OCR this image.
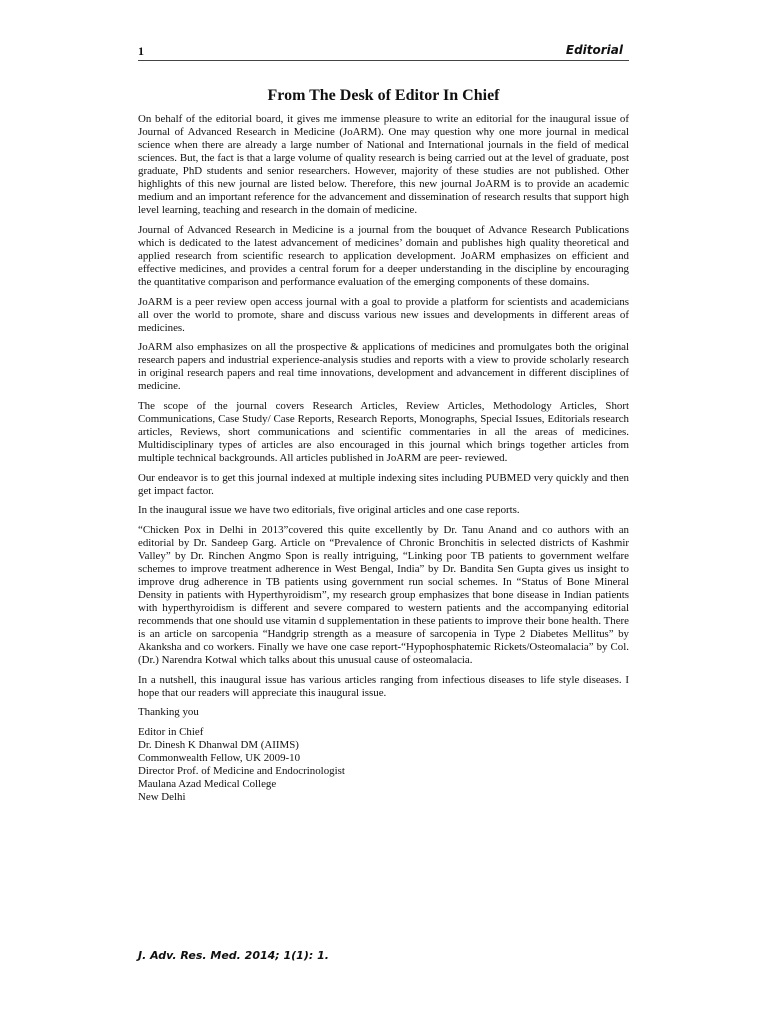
1	Editorial
From The Desk of Editor In Chief

On behalf of the editorial board, it gives me immense pleasure to write an editorial for the inaugural issue of Journal of Advanced Research in Medicine (JoARM). One may question why one more journal in medical science when there are already a large number of National and International journals in the field of medical sciences. But, the fact is that a large volume of quality research is being carried out at the level of graduate, post graduate, PhD students and senior researchers. However, majority of these studies are not published. Other highlights of this new journal are listed below. Therefore, this new journal JoARM is to provide an academic medium and an important reference for the advancement and dissemination of research results that support high level learning, teaching and research in the domain of medicine.

Journal of Advanced Research in Medicine is a journal from the bouquet of Advance Research Publications which is dedicated to the latest advancement of medicines’ domain and publishes high quality theoretical and applied research from scientific research to application development. JoARM emphasizes on efficient and effective medicines, and provides a central forum for a deeper understanding in the discipline by encouraging the quantitative comparison and performance evaluation of the emerging components of these domains.

JoARM is a peer review open access journal with a goal to provide a platform for scientists and academicians all over the world to promote, share and discuss various new issues and developments in different areas of medicines.

JoARM also emphasizes on all the prospective & applications of medicines and promulgates both the original research papers and industrial experience-analysis studies and reports with a view to provide scholarly research in original research papers and real time innovations, development and advancement in different disciplines of medicine.

The scope of the journal covers Research Articles, Review Articles, Methodology Articles, Short Communications, Case Study/ Case Reports, Research Reports, Monographs, Special Issues, Editorials research articles, Reviews, short communications and scientific commentaries in all the areas of medicines. Multidisciplinary types of articles are also encouraged in this journal which brings together articles from multiple technical backgrounds. All articles published in JoARM are peer- reviewed.

Our endeavor is to get this journal indexed at multiple indexing sites including PUBMED very quickly and then get impact factor.

In the inaugural issue we have two editorials, five original articles and one case reports.

“Chicken Pox in Delhi in 2013”covered this quite excellently by Dr. Tanu Anand and co authors with an editorial by Dr. Sandeep Garg. Article on “Prevalence of Chronic Bronchitis in selected districts of Kashmir Valley” by Dr. Rinchen Angmo Spon is really intriguing, “Linking poor TB patients to government welfare schemes to improve treatment adherence in West Bengal, India” by Dr. Bandita Sen Gupta gives us insight to improve drug adherence in TB patients using government run social schemes. In “Status of Bone Mineral Density in patients with Hyperthyroidism”, my research group emphasizes that bone disease in Indian patients with hyperthyroidism is different and severe compared to western patients and the accompanying editorial recommends that one should use vitamin d supplementation in these patients to improve their bone health. There is an article on sarcopenia “Handgrip strength as a measure of sarcopenia in Type 2 Diabetes Mellitus” by Akanksha and co workers. Finally we have one case report-“Hypophosphatemic Rickets/Osteomalacia” by Col. (Dr.) Narendra Kotwal which talks about this unusual cause of osteomalacia.

In a nutshell, this inaugural issue has various articles ranging from infectious diseases to life style diseases. I hope that our readers will appreciate this inaugural issue.

Thanking you

Editor in Chief
Dr. Dinesh K Dhanwal DM (AIIMS)
Commonwealth Fellow, UK 2009-10
Director Prof. of Medicine and Endocrinologist
Maulana Azad Medical College
New Delhi
J. Adv. Res. Med. 2014; 1(1): 1.
